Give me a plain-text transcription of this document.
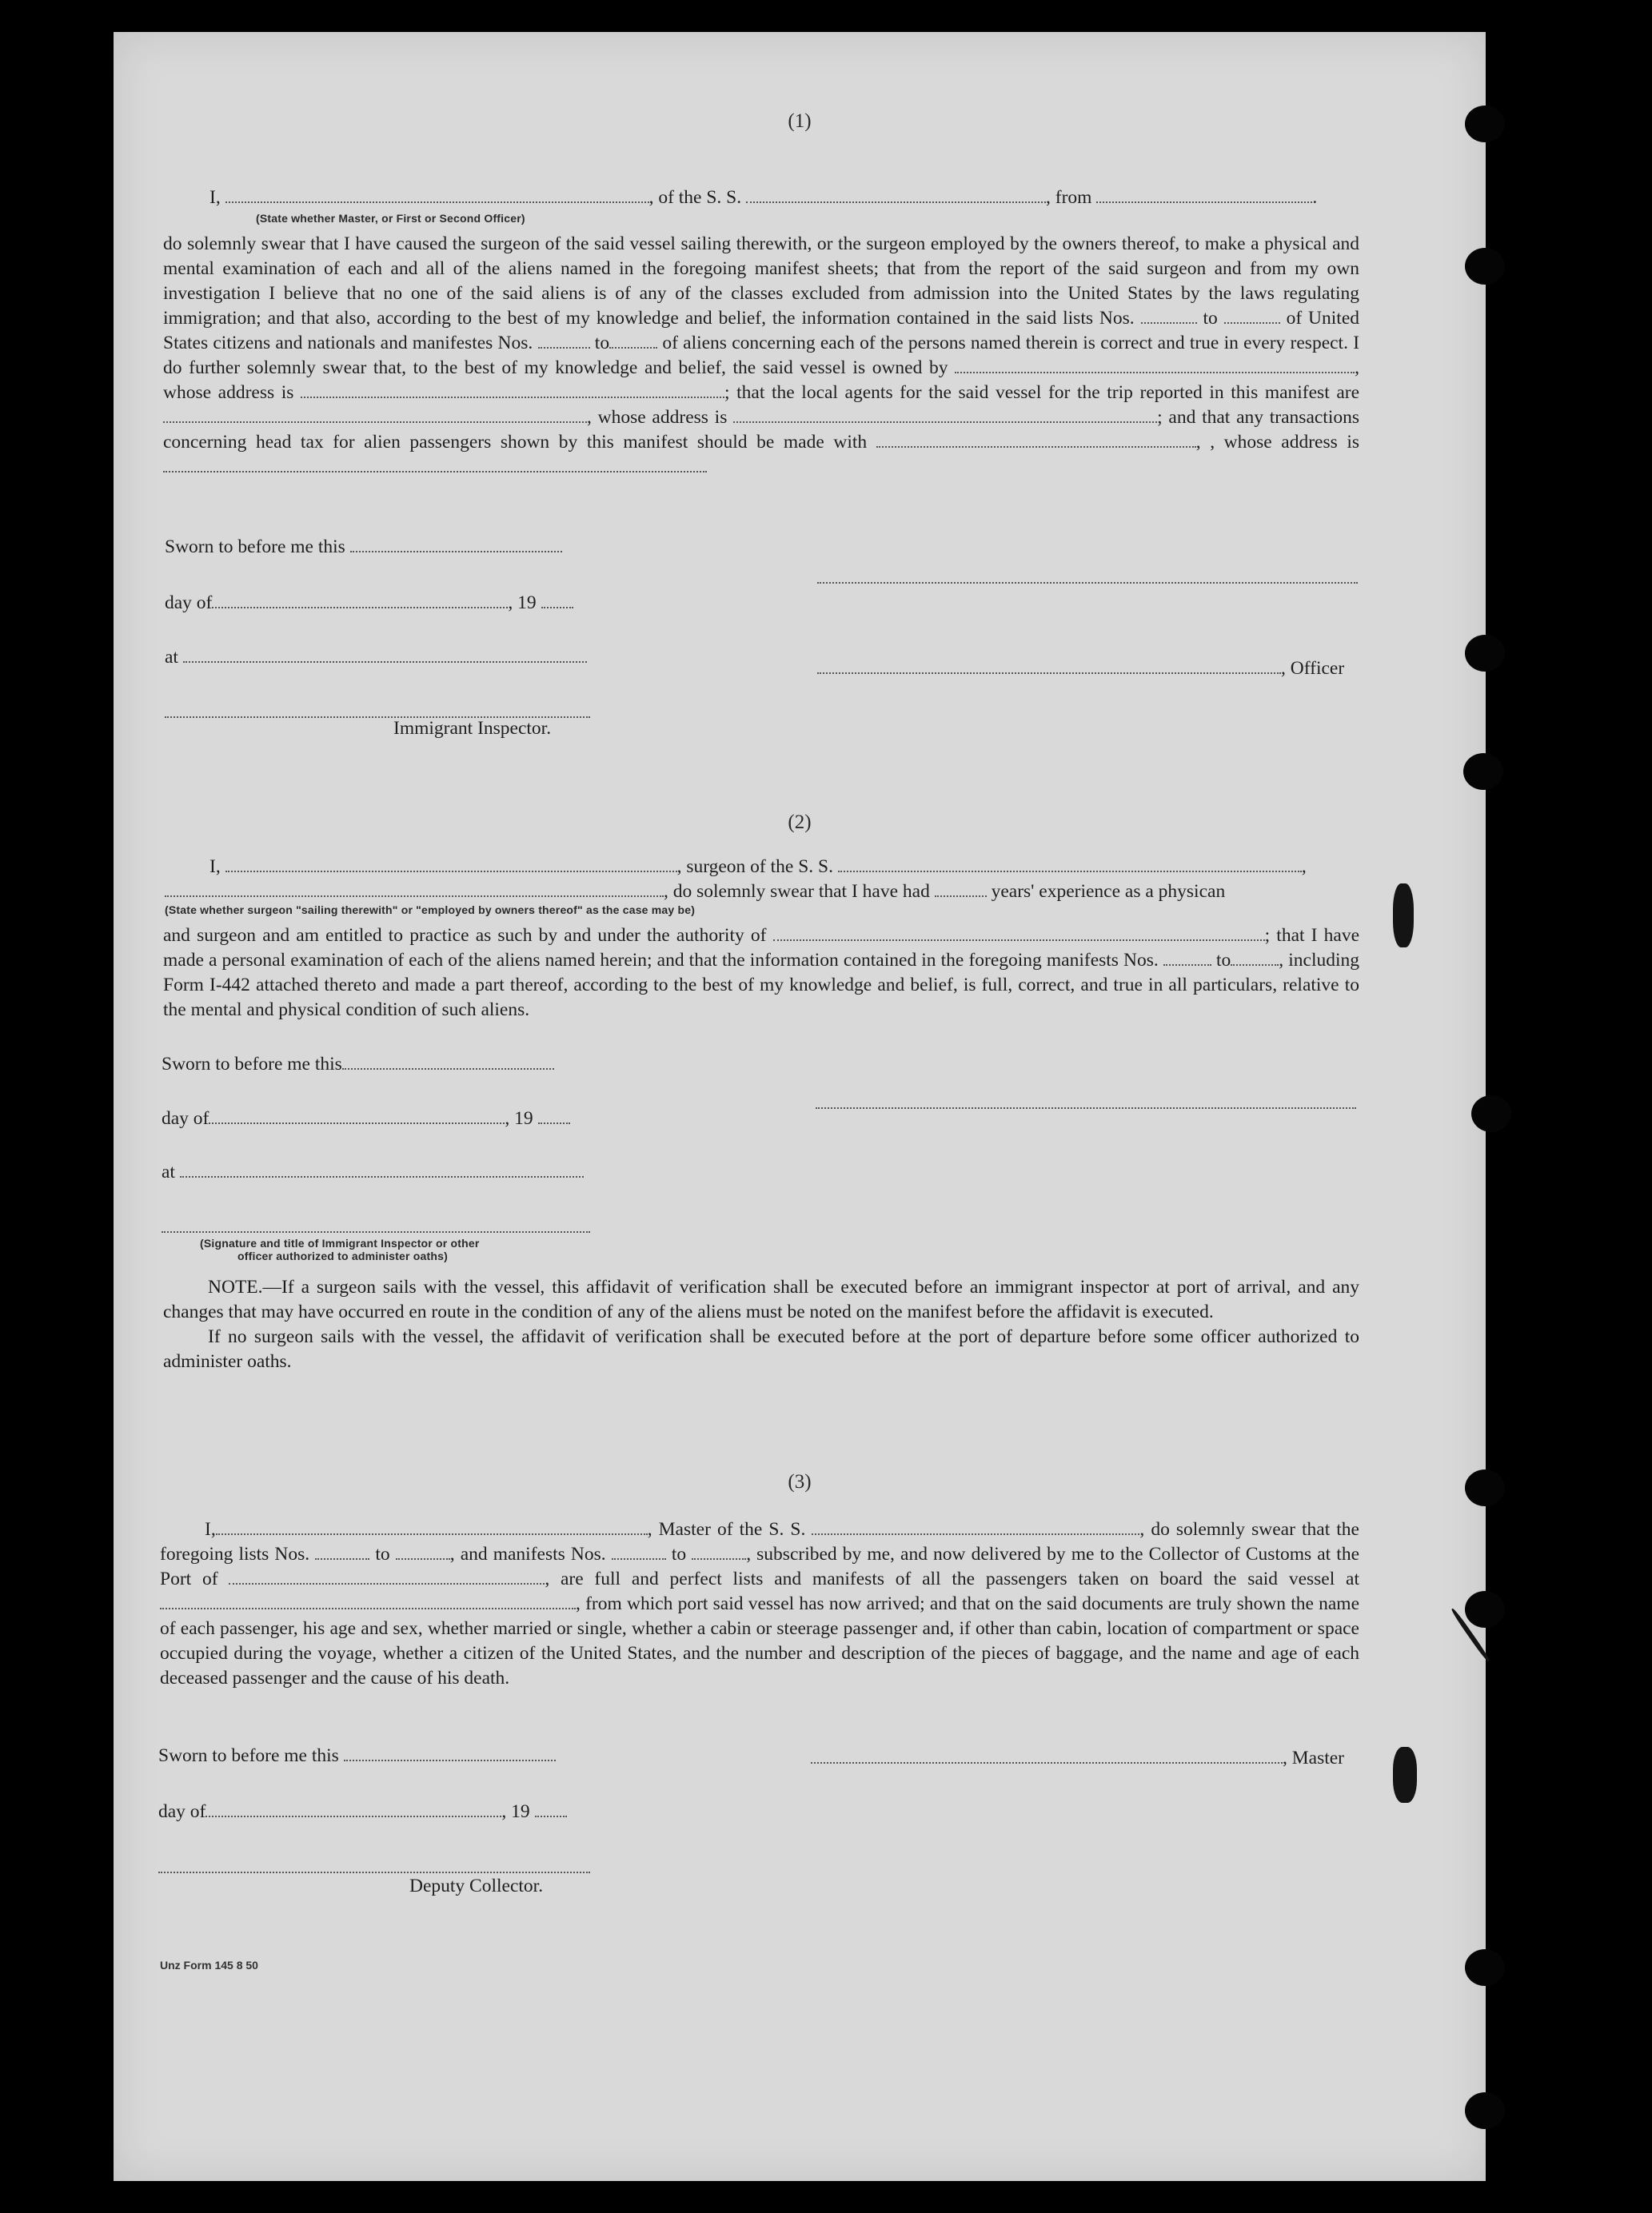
(1)
I,	, of the S. S.	, from	.
(State whether Master, or First or Second Officer)

do solemnly swear that I have caused the surgeon of the said vessel sailing therewith, or the surgeon employed by the owners thereof, to make a physical and mental examination of each and all of the aliens named in the foregoing manifest sheets; that from the report of the said surgeon and from my own investigation I believe that no one of the said aliens is of any of the classes excluded from admission into the United States by the laws regulating immigration; and that also, according to the best of my knowledge and belief, the information contained in the said lists Nos.	to	of United States citizens and nationals and manifestes Nos.	to	of aliens concerning each of the persons named therein is correct and true in every respect. I do further solemnly swear that, to the best of my knowledge and belief, the said vessel is owned by	, whose address is	; that the local agents for the said vessel for the trip reported in this manifest are , whose address is	; and that any transactions concerning head tax for alien passengers shown by this manifest should be made with	, , whose address is

Sworn to before me this
day of	, 19
at
, Officer
Immigrant Inspector.
(2)
I,	, surgeon of the S. S.	,
, do solemnly swear that I have had	years' experience as a physican
(State whether surgeon "sailing therewith" or "employed by owners thereof" as the case may be)

and surgeon and am entitled to practice as such by and under the authority of	; that I have made a personal examination of each of the aliens named herein; and that the information contained in the foregoing manifests Nos.	to	, including Form I-442 attached thereto and made a part thereof, according to the best of my knowledge and belief, is full, correct, and true in all particulars, relative to the mental and physical condition of such aliens.

Sworn to before me this
day of	, 19
at
(Signature and title of Immigrant Inspector or other
officer authorized to administer oaths)

NOTE.—If a surgeon sails with the vessel, this affidavit of verification shall be executed before an immigrant inspector at port of arrival, and any changes that may have occurred en route in the condition of any of the aliens must be noted on the manifest before the affidavit is executed.

If no surgeon sails with the vessel, the affidavit of verification shall be executed before at the port of departure before some officer authorized to administer oaths.

(3)

I,	, Master of the S. S.	, do solemnly swear that the foregoing lists Nos.	to	, and manifests Nos.	to	, subscribed by me, and now delivered by me to the Collector of Customs at the Port of	, are full and perfect lists and manifests of all the passengers taken on board the said vessel at , from which port said vessel has now arrived; and that on the said documents are truly shown the name of each passenger, his age and sex, whether married or single, whether a cabin or steerage passenger and, if other than cabin, location of compartment or space occupied during the voyage, whether a citizen of the United States, and the number and description of the pieces of baggage, and the name and age of each deceased passenger and the cause of his death.

Sworn to before me this	, Master
day of	, 19
Deputy Collector.
Unz Form 145 8 50
